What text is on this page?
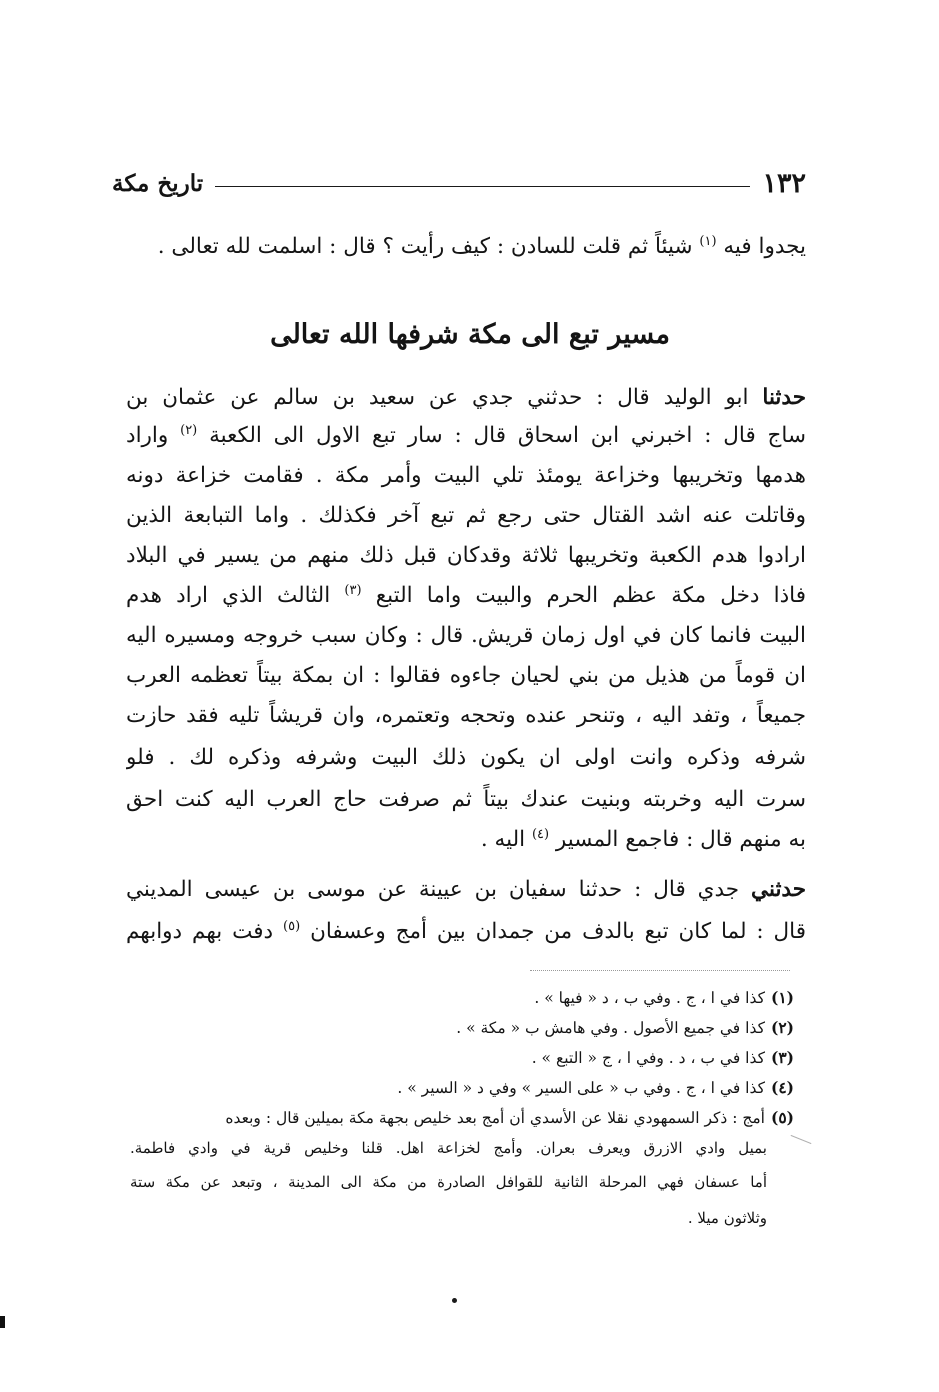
١٣٢
تاريخ مكة
يجدوا فيه $^{(١)}$ شيئاً ثم قلت للسادن : كيف رأيت ؟ قال : اسلمت لله تعالى .
مسير تبع الى مكة شرفها الله تعالى
حدثنا ابو الوليد قال : حدثني جدي عن سعيد بن سالم عن عثمان بن
ساج قال : اخبرني ابن اسحاق قال : سار تبع الاول الى الكعبة $^{(٢)}$ واراد
هدمها وتخريبها وخزاعة يومئذ تلي البيت وأمر مكة . فقامت خزاعة دونه
وقاتلت عنه اشد القتال حتى رجع ثم تبع آخر فكذلك . واما التبابعة الذين
ارادوا هدم الكعبة وتخريبها ثلاثة وقدكان قبل ذلك منهم من يسير في البلاد
فاذا دخل مكة عظم الحرم والبيت واما التبع $^{(٣)}$ الثالث الذي اراد هدم
البيت فانما كان في اول زمان قريش. قال : وكان سبب خروجه ومسيره اليه
ان قوماً من هذيل من بني لحيان جاءوه فقالوا : ان بمكة بيتاً تعظمه العرب
جميعاً ، وتفد اليه ، وتنحر عنده وتحجه وتعتمره، وان قريشاً تليه فقد حازت
شرفه وذكره وانت اولى ان يكون ذلك البيت وشرفه وذكره لك . فلو
سرت اليه وخربته وبنيت عندك بيتاً ثم صرفت حاج العرب اليه كنت احق
به منهم قال : فاجمع المسير $^{(٤)}$ اليه .
حدثني جدي قال : حدثنا سفيان بن عيينة عن موسى بن عيسى المديني
قال : لما كان تبع بالدف من جمدان بين أمج وعسفان $^{(٥)}$ دفت بهم دوابهم
(١)كذا في ا ، ج . وفي ب ، د « فيها » .
(٢)كذا في جميع الأصول . وفي هامش ب « مكة » .
(٣)كذا في ب ، د . وفي ا ، ج « التبع » .
(٤)كذا في ا ، ج . وفي ب « على السير » وفي د « السير » .
(٥)أمج : ذكر السمهودي نقلا عن الأسدي أن أمج بعد خليص بجهة مكة بميلين قال : وبعده
بميل وادي الازرق ويعرف بعران. وأمج لخزاعة اهل. قلنا وخليص قرية في وادي فاطمة.
أما عسفان فهي المرحلة الثانية للقوافل الصادرة من مكة الى المدينة ، وتبعد عن مكة ستة
وثلاثون ميلا .
